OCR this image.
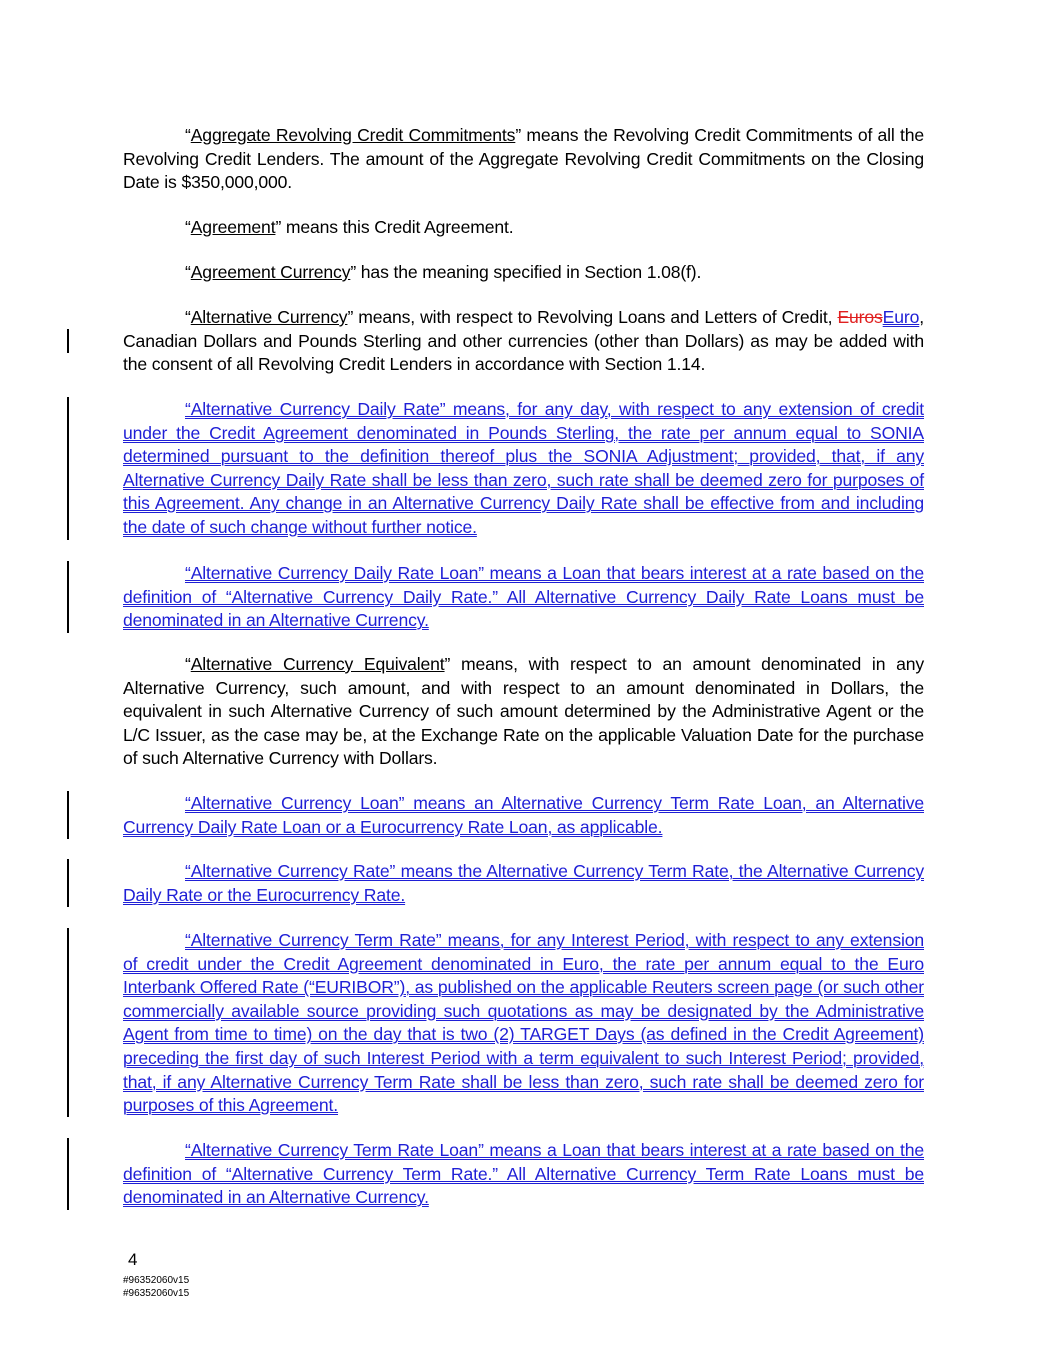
“Aggregate Revolving Credit Commitments” means the Revolving Credit Commitments of all the Revolving Credit Lenders. The amount of the Aggregate Revolving Credit Commitments on the Closing Date is $350,000,000.

“Agreement” means this Credit Agreement.

“Agreement Currency” has the meaning specified in Section 1.08(f).

“Alternative Currency” means, with respect to Revolving Loans and Letters of Credit, EurosEuro, Canadian Dollars and Pounds Sterling and other currencies (other than Dollars) as may be added with the consent of all Revolving Credit Lenders in accordance with Section 1.14.

“Alternative Currency Daily Rate” means, for any day, with respect to any extension of credit under the Credit Agreement denominated in Pounds Sterling, the rate per annum equal to SONIA determined pursuant to the definition thereof plus the SONIA Adjustment; provided, that, if any Alternative Currency Daily Rate shall be less than zero, such rate shall be deemed zero for purposes of this Agreement. Any change in an Alternative Currency Daily Rate shall be effective from and including the date of such change without further notice.

“Alternative Currency Daily Rate Loan” means a Loan that bears interest at a rate based on the definition of “Alternative Currency Daily Rate.” All Alternative Currency Daily Rate Loans must be denominated in an Alternative Currency.

“Alternative Currency Equivalent” means, with respect to an amount denominated in any Alternative Currency, such amount, and with respect to an amount denominated in Dollars, the equivalent in such Alternative Currency of such amount determined by the Administrative Agent or the L/C Issuer, as the case may be, at the Exchange Rate on the applicable Valuation Date for the purchase of such Alternative Currency with Dollars.

“Alternative Currency Loan” means an Alternative Currency Term Rate Loan, an Alternative Currency Daily Rate Loan or a Eurocurrency Rate Loan, as applicable.

“Alternative Currency Rate” means the Alternative Currency Term Rate, the Alternative Currency Daily Rate or the Eurocurrency Rate.

“Alternative Currency Term Rate” means, for any Interest Period, with respect to any extension of credit under the Credit Agreement denominated in Euro, the rate per annum equal to the Euro Interbank Offered Rate (“EURIBOR”), as published on the applicable Reuters screen page (or such other commercially available source providing such quotations as may be designated by the Administrative Agent from time to time) on the day that is two (2) TARGET Days (as defined in the Credit Agreement) preceding the first day of such Interest Period with a term equivalent to such Interest Period; provided, that, if any Alternative Currency Term Rate shall be less than zero, such rate shall be deemed zero for purposes of this Agreement.

“Alternative Currency Term Rate Loan” means a Loan that bears interest at a rate based on the definition of “Alternative Currency Term Rate.” All Alternative Currency Term Rate Loans must be denominated in an Alternative Currency.

4
#96352060v15
#96352060v15
